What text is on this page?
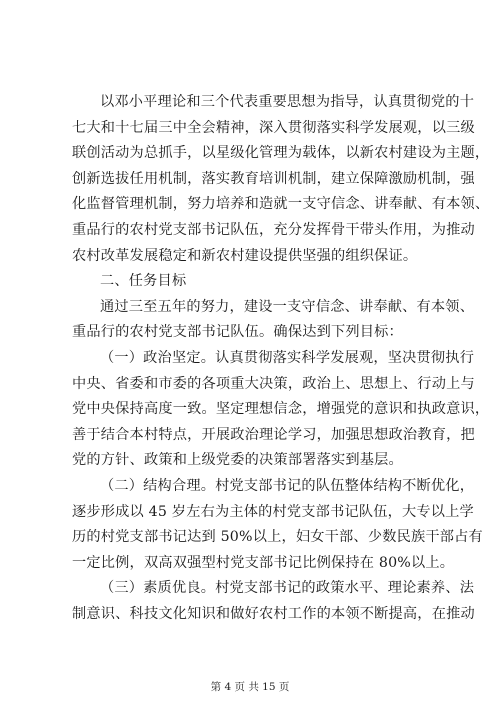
以邓小平理论和三个代表重要思想为指导，认真贯彻党的十
七大和十七届三中全会精神，深入贯彻落实科学发展观，以三级
联创活动为总抓手，以星级化管理为载体，以新农村建设为主题，
创新选拔任用机制，落实教育培训机制，建立保障激励机制，强
化监督管理机制，努力培养和造就一支守信念、讲奉献、有本领、
重品行的农村党支部书记队伍，充分发挥骨干带头作用，为推动
农村改革发展稳定和新农村建设提供坚强的组织保证。

二、任务目标

通过三至五年的努力，建设一支守信念、讲奉献、有本领、
重品行的农村党支部书记队伍。确保达到下列目标：

（一）政治坚定。认真贯彻落实科学发展观，坚决贯彻执行
中央、省委和市委的各项重大决策，政治上、思想上、行动上与
党中央保持高度一致。坚定理想信念，增强党的意识和执政意识，
善于结合本村特点，开展政治理论学习，加强思想政治教育，把
党的方针、政策和上级党委的决策部署落实到基层。

（二）结构合理。村党支部书记的队伍整体结构不断优化，
逐步形成以 45 岁左右为主体的村党支部书记队伍，大专以上学
历的村党支部书记达到 50%以上，妇女干部、少数民族干部占有
一定比例，双高双强型村党支部书记比例保持在 80%以上。

（三）素质优良。村党支部书记的政策水平、理论素养、法
制意识、科技文化知识和做好农村工作的本领不断提高，在推动

第 4 页 共 15 页
